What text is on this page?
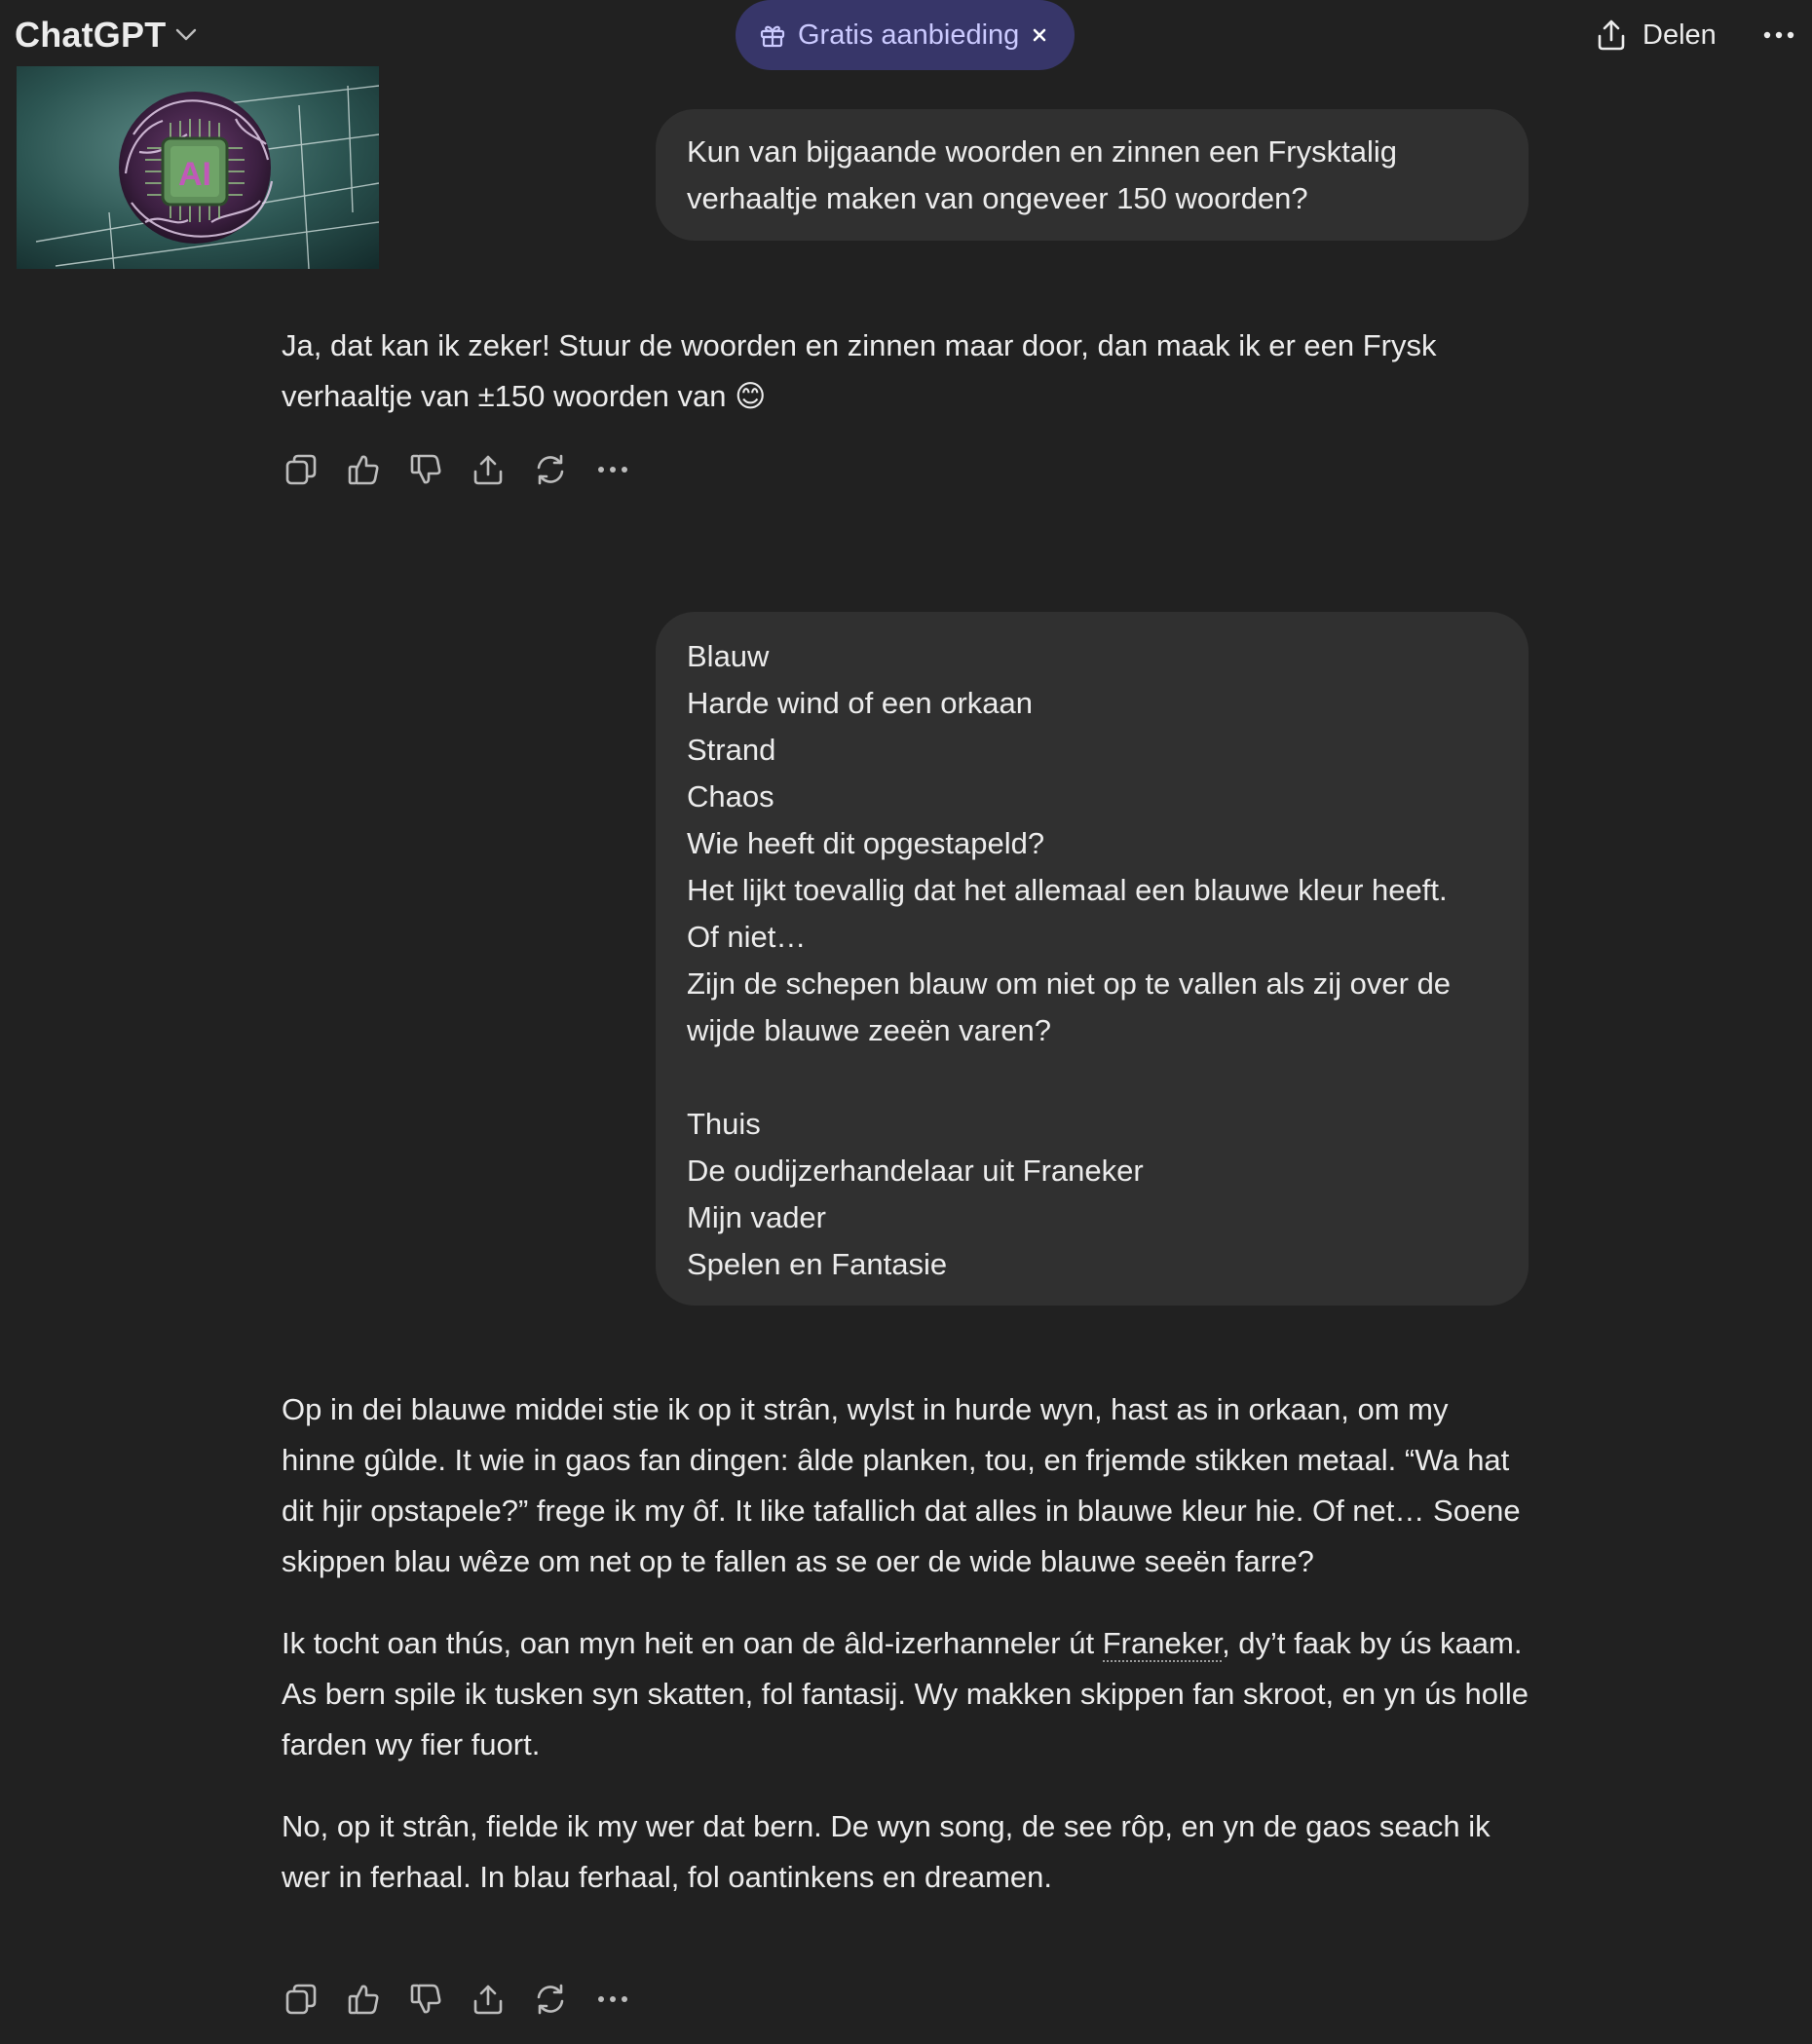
ChatGPT	Gratis aanbieding	Delen
AI
Kun van bijgaande woorden en zinnen een Frysktalig verhaaltje maken van ongeveer 150 woorden?
Ja, dat kan ik zeker! Stuur de woorden en zinnen maar door, dan maak ik er een Frysk verhaaltje van ±150 woorden van 😊
Blauw
Harde wind of een orkaan
Strand
Chaos
Wie heeft dit opgestapeld?
Het lijkt toevallig dat het allemaal een blauwe kleur heeft.
Of niet…
Zijn de schepen blauw om niet op te vallen als zij over de wijde blauwe zeeën varen?
Thuis
De oudijzerhandelaar uit Franeker
Mijn vader
Spelen en Fantasie

Op in dei blauwe middei stie ik op it strân, wylst in hurde wyn, hast as in orkaan, om my hinne gûlde. It wie in gaos fan dingen: âlde planken, tou, en frjemde stikken metaal. “Wa hat dit hjir opstapele?” frege ik my ôf. It like tafallich dat alles in blauwe kleur hie. Of net… Soene skippen blau wêze om net op te fallen as se oer de wide blauwe seeën farre?

Ik tocht oan thús, oan myn heit en oan de âld-izerhanneler út Franeker, dy’t faak by ús kaam. As bern spile ik tusken syn skatten, fol fantasij. Wy makken skippen fan skroot, en yn ús holle farden wy fier fuort.

No, op it strân, fielde ik my wer dat bern. De wyn song, de see rôp, en yn de gaos seach ik wer in ferhaal. In blau ferhaal, fol oantinkens en dreamen.
